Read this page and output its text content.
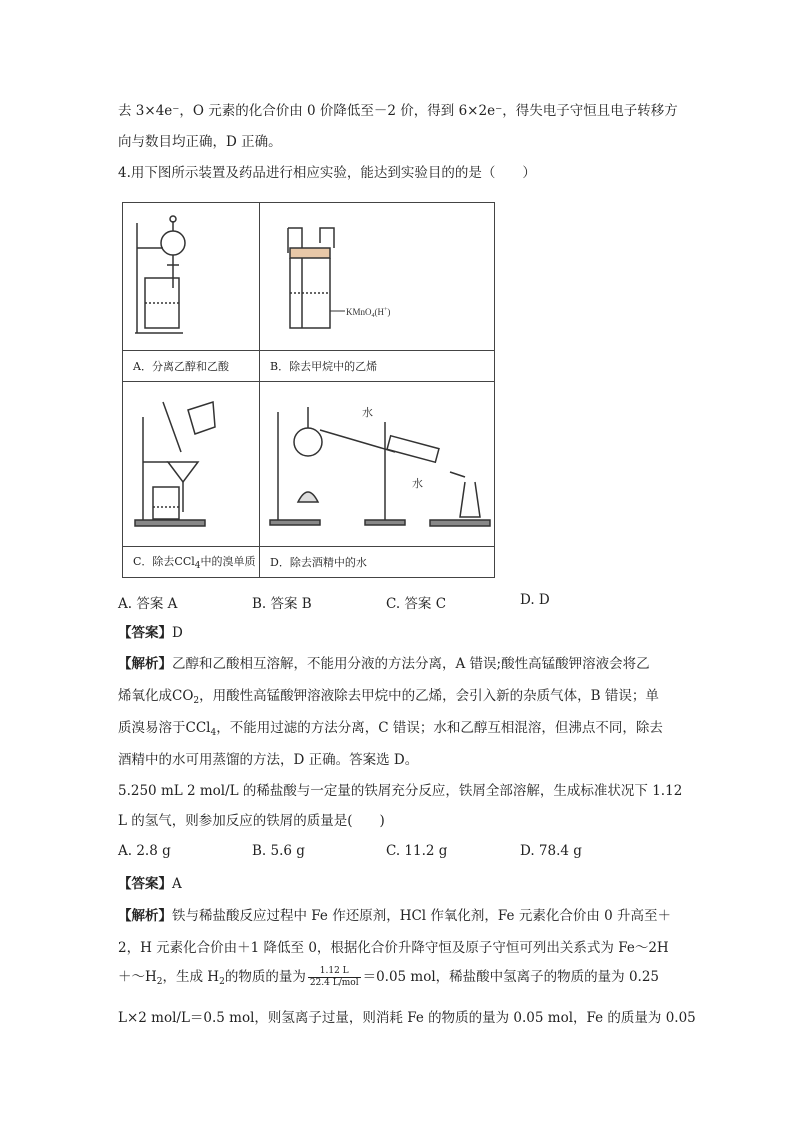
去 3×4e⁻，O 元素的化合价由 0 价降低至－2 价，得到 6×2e⁻，得失电子守恒且电子转移方
向与数目均正确，D 正确。
4.用下图所示装置及药品进行相应实验，能达到实验目的的是（　　）

KMnO$_4$(H+)

A．分离乙醇和乙酸	B．除去甲烷中的乙烯

水
水

C．除去CCl$_4$中的溴单质	D．除去酒精中的水
A. 答案 A	B. 答案 B	C. 答案 C	D. D
【答案】D
【解析】乙醇和乙酸相互溶解，不能用分液的方法分离，A 错误;酸性高锰酸钾溶液会将乙
烯氧化成$CO_2$，用酸性高锰酸钾溶液除去甲烷中的乙烯，会引入新的杂质气体，B 错误；单
质溴易溶于CCl$_4$，不能用过滤的方法分离，C 错误；水和乙醇互相混溶，但沸点不同，除去
酒精中的水可用蒸馏的方法，D 正确。答案选 D。
5.250 mL 2 mol/L 的稀盐酸与一定量的铁屑充分反应，铁屑全部溶解，生成标准状况下 1.12
L 的氢气，则参加反应的铁屑的质量是(　　)
A. 2.8 g	B. 5.6 g	C. 11.2 g	D. 78.4 g
【答案】A
【解析】铁与稀盐酸反应过程中 Fe 作还原剂，HCl 作氧化剂，Fe 元素化合价由 0 升高至＋
2，H 元素化合价由＋1 降低至 0，根据化合价升降守恒及原子守恒可列出关系式为 Fe～2H
$+\sim H_2$，生成 $H_2$的物质的量为 $\frac{1.12 L}{\text{22.4 L/mol}} =0.05$ mol，稀盐酸中氢离子的物质的量为 0.25
L×2 mol/L＝0.5 mol，则氢离子过量，则消耗 Fe 的物质的量为 0.05 mol，Fe 的质量为 0.05
